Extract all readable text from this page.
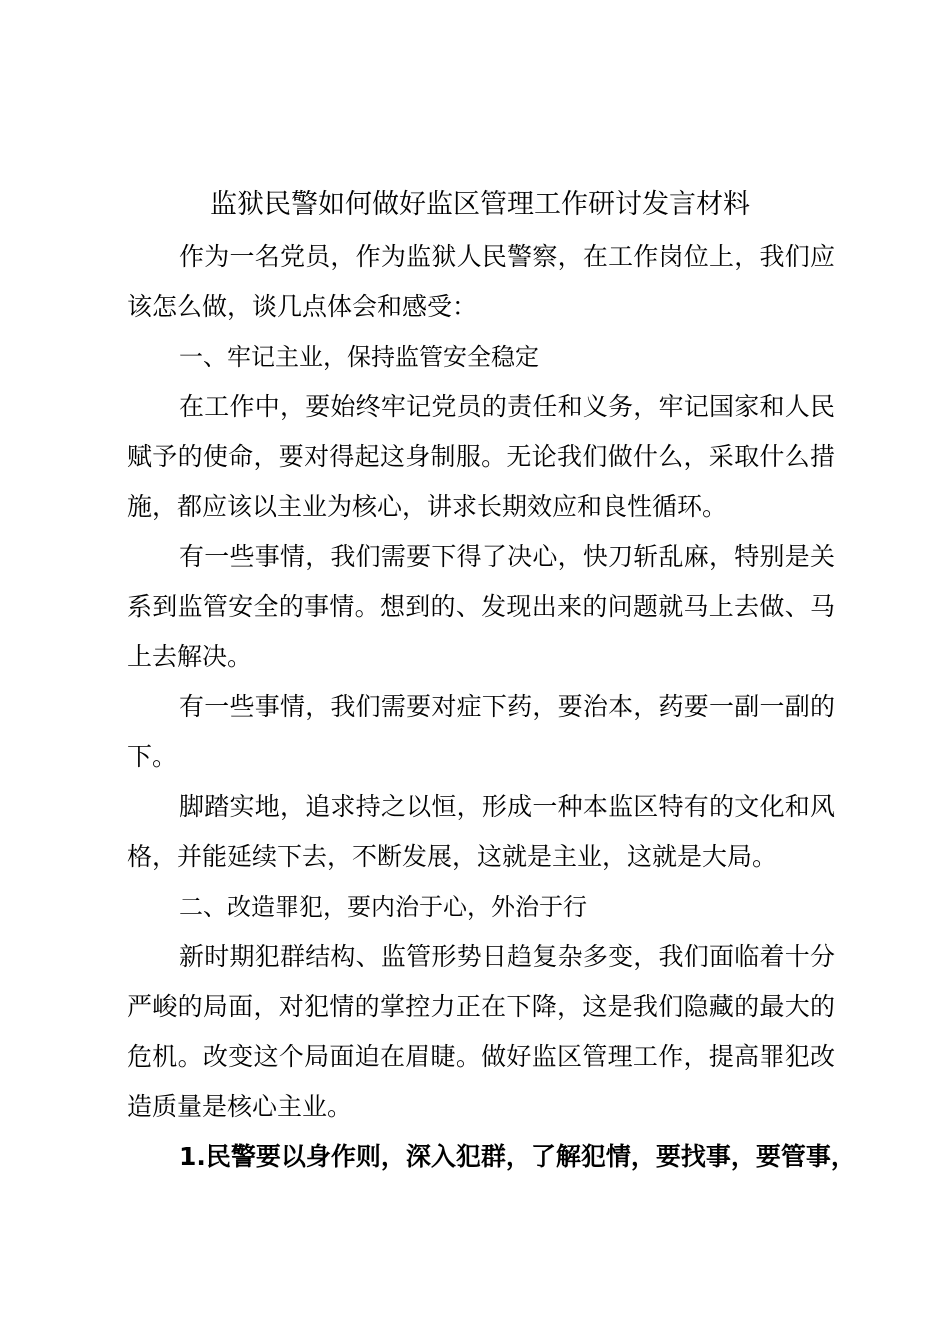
监狱民警如何做好监区管理工作研讨发言材料

作为一名党员，作为监狱人民警察，在工作岗位上，我们应该怎么做，谈几点体会和感受：

一、牢记主业，保持监管安全稳定

在工作中，要始终牢记党员的责任和义务，牢记国家和人民赋予的使命，要对得起这身制服。无论我们做什么，采取什么措施，都应该以主业为核心，讲求长期效应和良性循环。

有一些事情，我们需要下得了决心，快刀斩乱麻，特别是关系到监管安全的事情。想到的、发现出来的问题就马上去做、马上去解决。

有一些事情，我们需要对症下药，要治本，药要一副一副的下。

脚踏实地，追求持之以恒，形成一种本监区特有的文化和风格，并能延续下去，不断发展，这就是主业，这就是大局。

二、改造罪犯，要内治于心，外治于行

新时期犯群结构、监管形势日趋复杂多变，我们面临着十分严峻的局面，对犯情的掌控力正在下降，这是我们隐藏的最大的危机。改变这个局面迫在眉睫。做好监区管理工作，提高罪犯改造质量是核心主业。

1.民警要以身作则，深入犯群，了解犯情，要找事，要管事，
